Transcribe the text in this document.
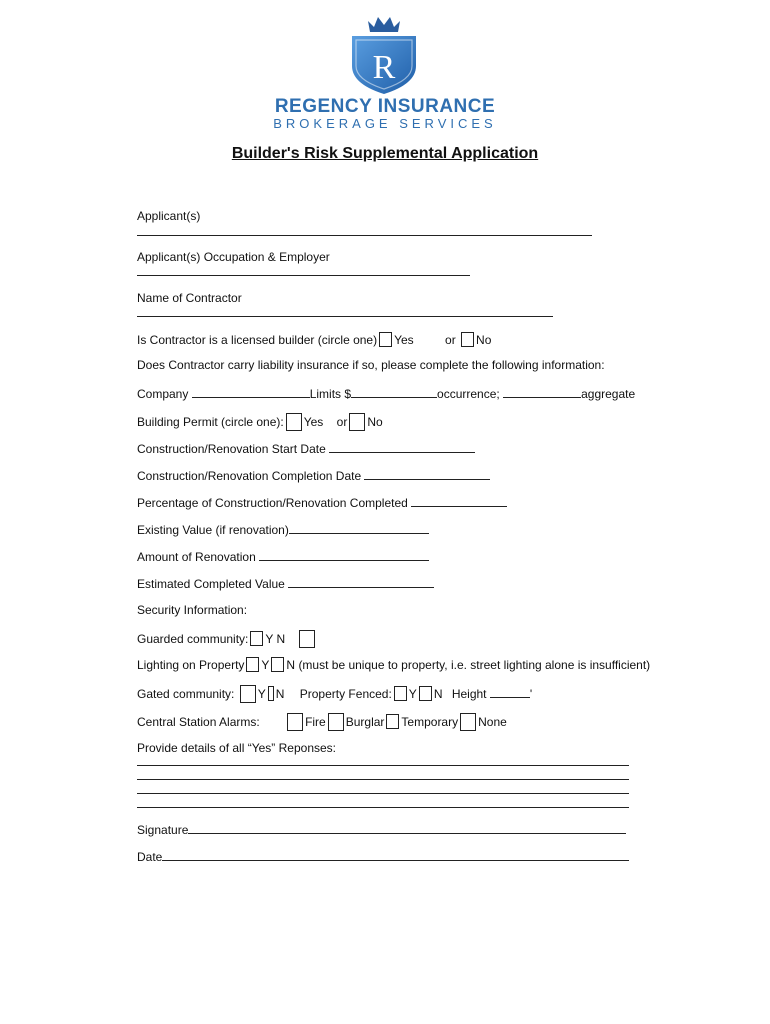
R
REGENCY INSURANCE
BROKERAGE SERVICES
Builder's Risk Supplemental Application
Applicant(s)
Applicant(s) Occupation & Employer
Name of Contractor
Is Contractor is a licensed builder (circle one) Yes	or No
Does Contractor carry liability insurance if so, please complete the following information:
Company	Limits $	occurrence;	aggregate
Building Permit (circle one): Yes or No
Construction/Renovation Start Date
Construction/Renovation Completion Date
Percentage of Construction/Renovation Completed
Existing Value (if renovation)
Amount of Renovation
Estimated Completed Value
Security Information:
Guarded community: Y N
Lighting on Property Y N (must be unique to property, i.e. street lighting alone is insufficient)
Gated community: Y N Property Fenced: Y N Height	'
Central Station Alarms:	Fire Burglar Temporary None
Provide details of all “Yes” Reponses:
Signature
Date
